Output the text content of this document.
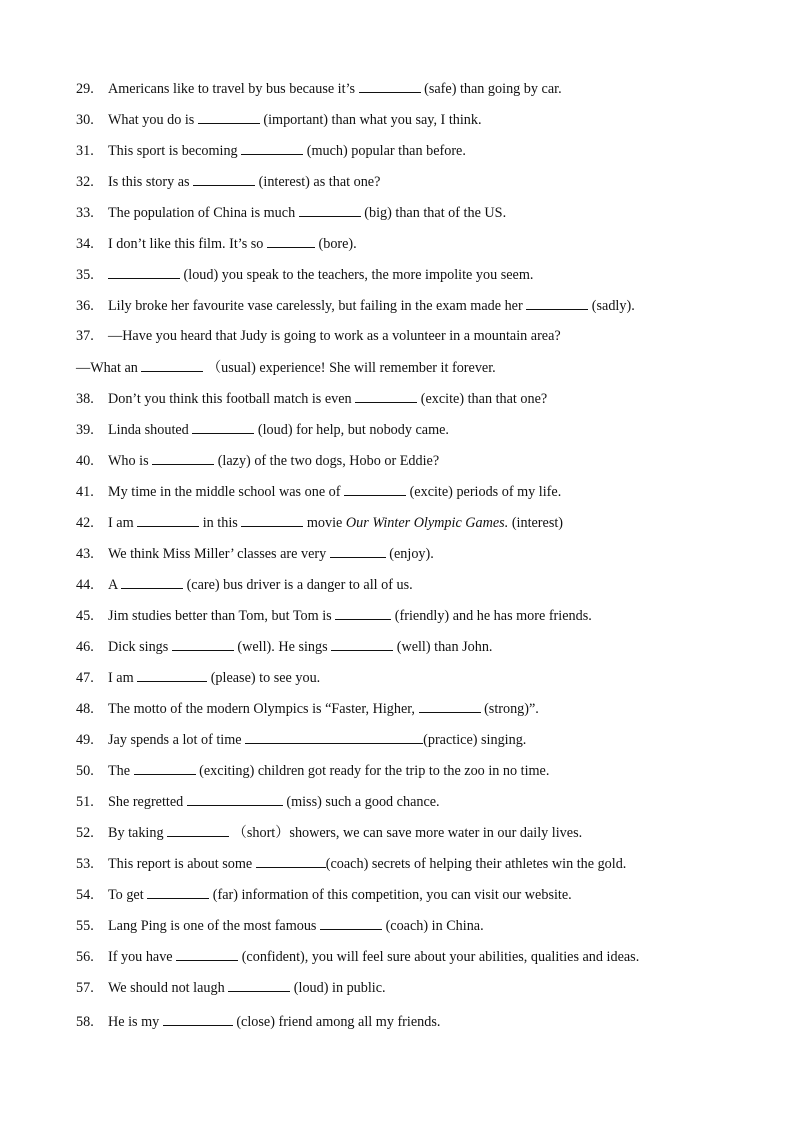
29. Americans like to travel by bus because it’s	(safe) than going by car.
30. What you do is	(important) than what you say, I think.
31. This sport is becoming	(much) popular than before.
32. Is this story as	(interest) as that one?
33. The population of China is much	(big) than that of the US.
34. I don’t like this film. It’s so	(bore).
35.	(loud) you speak to the teachers, the more impolite you seem.
36. Lily broke her favourite vase carelessly, but failing in the exam made her	(sadly).
37. —Have you heard that Judy is going to work as a volunteer in a mountain area?
—What an	（usual) experience! She will remember it forever.
38. Don’t you think this football match is even	(excite) than that one?
39. Linda shouted	(loud) for help, but nobody came.
40. Who is	(lazy) of the two dogs, Hobo or Eddie?
41. My time in the middle school was one of	(excite) periods of my life.
42. I am	in this	movie Our Winter Olympic Games. (interest)
43. We think Miss Miller’ classes are very	(enjoy).
44. A	(care) bus driver is a danger to all of us.
45. Jim studies better than Tom, but Tom is	(friendly) and he has more friends.
46. Dick sings	(well). He sings	(well) than John.
47. I am	(please) to see you.
48. The motto of the modern Olympics is “Faster, Higher,	(strong)”.
49. Jay spends a lot of time	(practice) singing.
50. The	(exciting) children got ready for the trip to the zoo in no time.
51. She regretted	(miss) such a good chance.
52. By taking	（short）showers, we can save more water in our daily lives.
53. This report is about some	(coach) secrets of helping their athletes win the gold.
54. To get	(far) information of this competition, you can visit our website.
55. Lang Ping is one of the most famous	(coach) in China.
56. If you have	(confident), you will feel sure about your abilities, qualities and ideas.
57. We should not laugh	(loud) in public.
58. He is my	(close) friend among all my friends.
